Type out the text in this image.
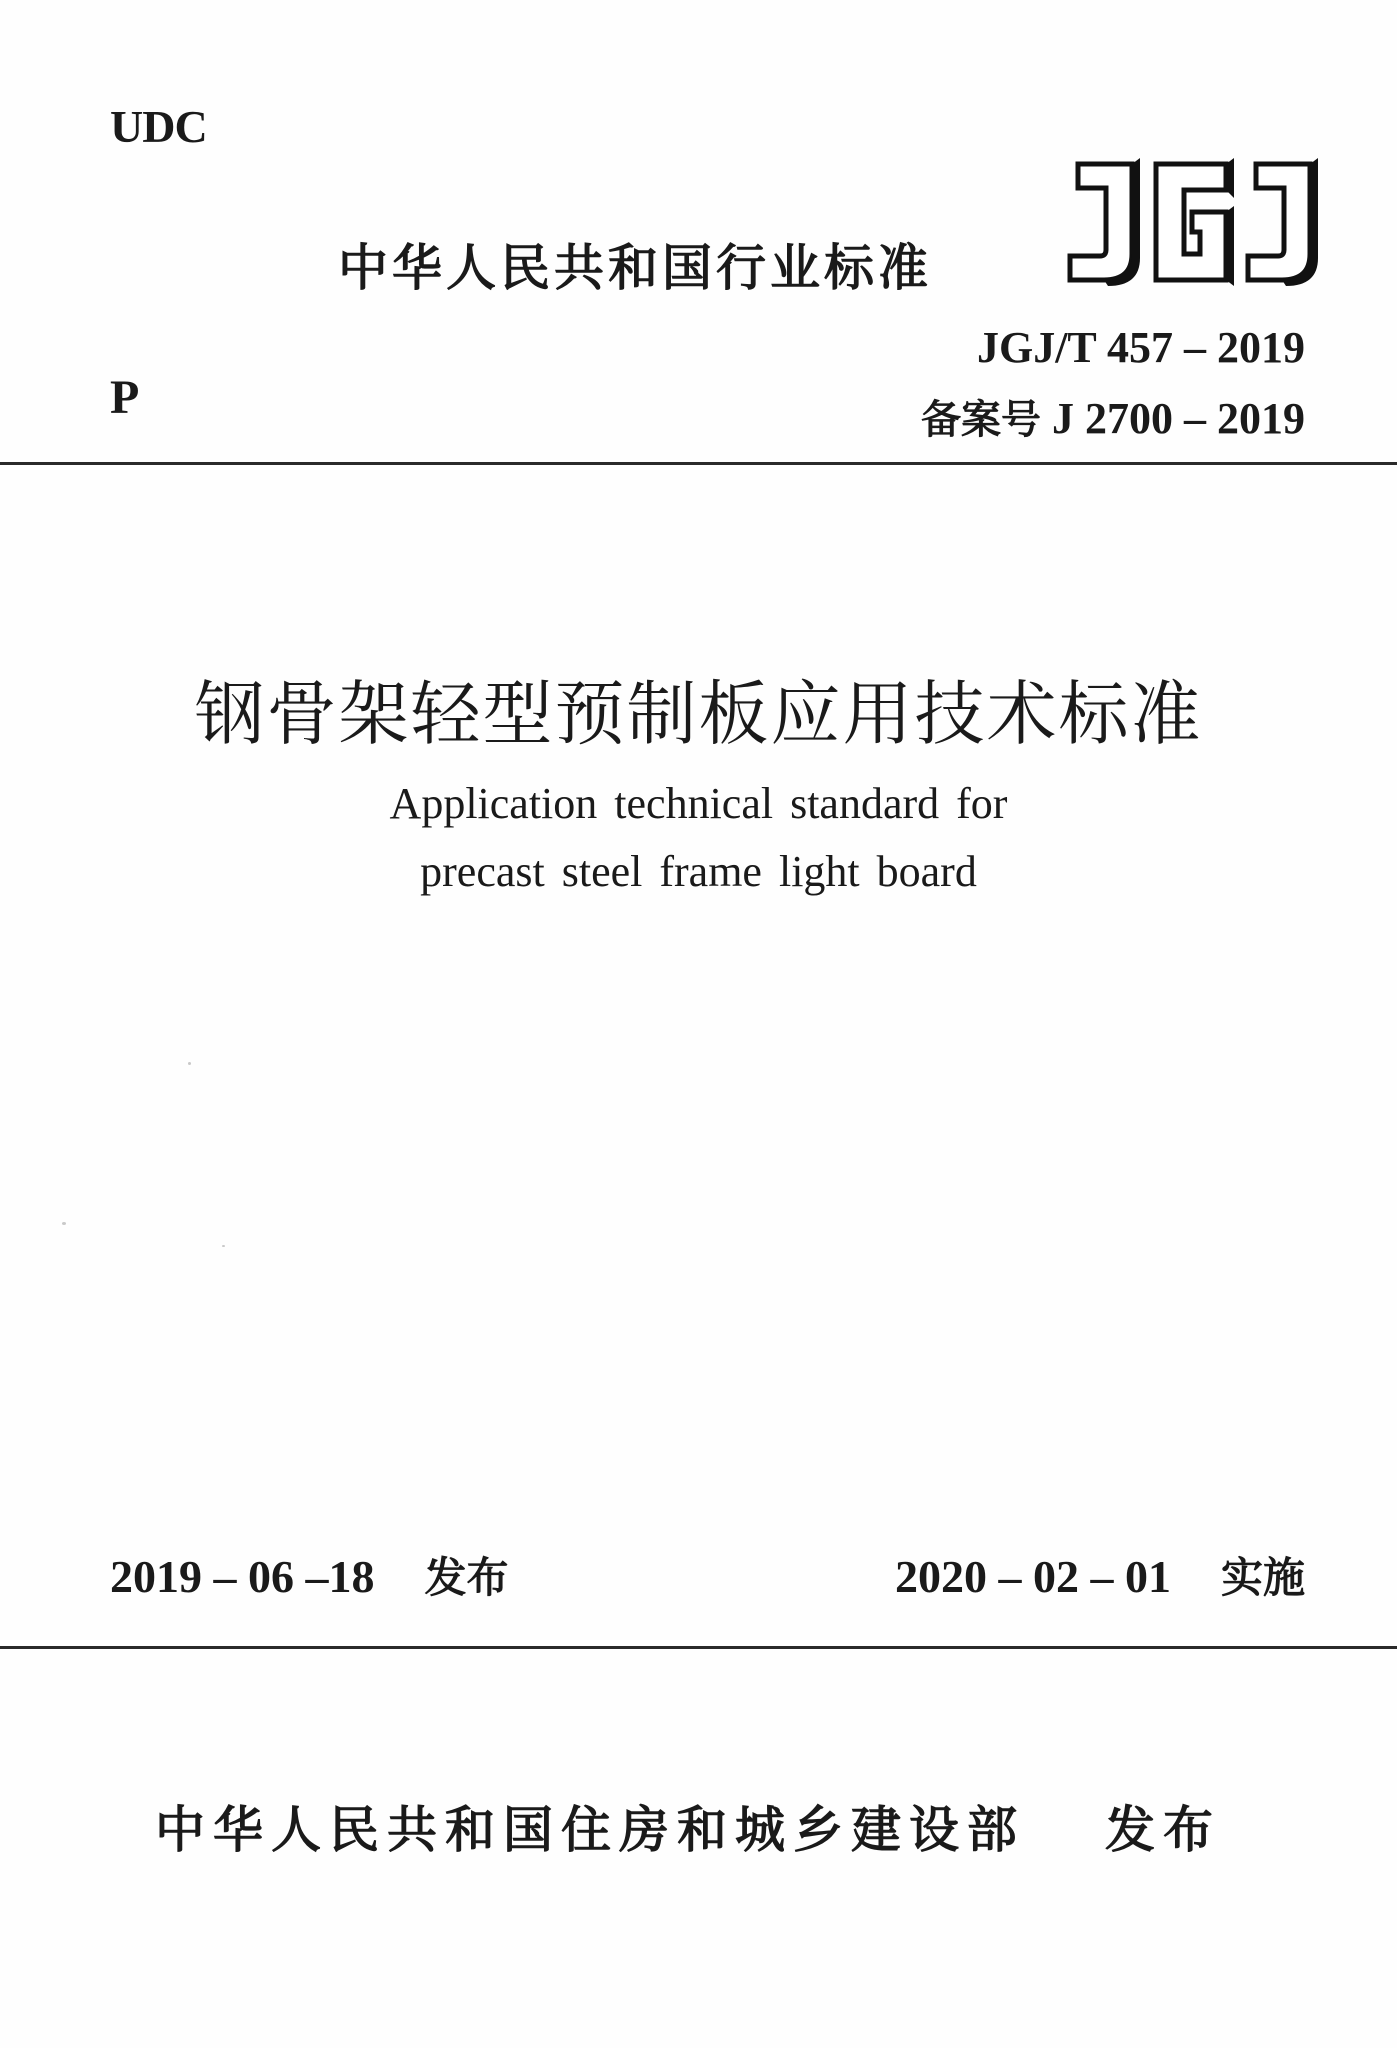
UDC
P
中华人民共和国行业标准
JGJ/T 457 – 2019
备案号 J 2700 – 2019
钢骨架轻型预制板应用技术标准
Application technical standard for
precast steel frame light board
2019 – 06 –18 发布	2020 – 02 – 01 实施
中华人民共和国住房和城乡建设部 发布
